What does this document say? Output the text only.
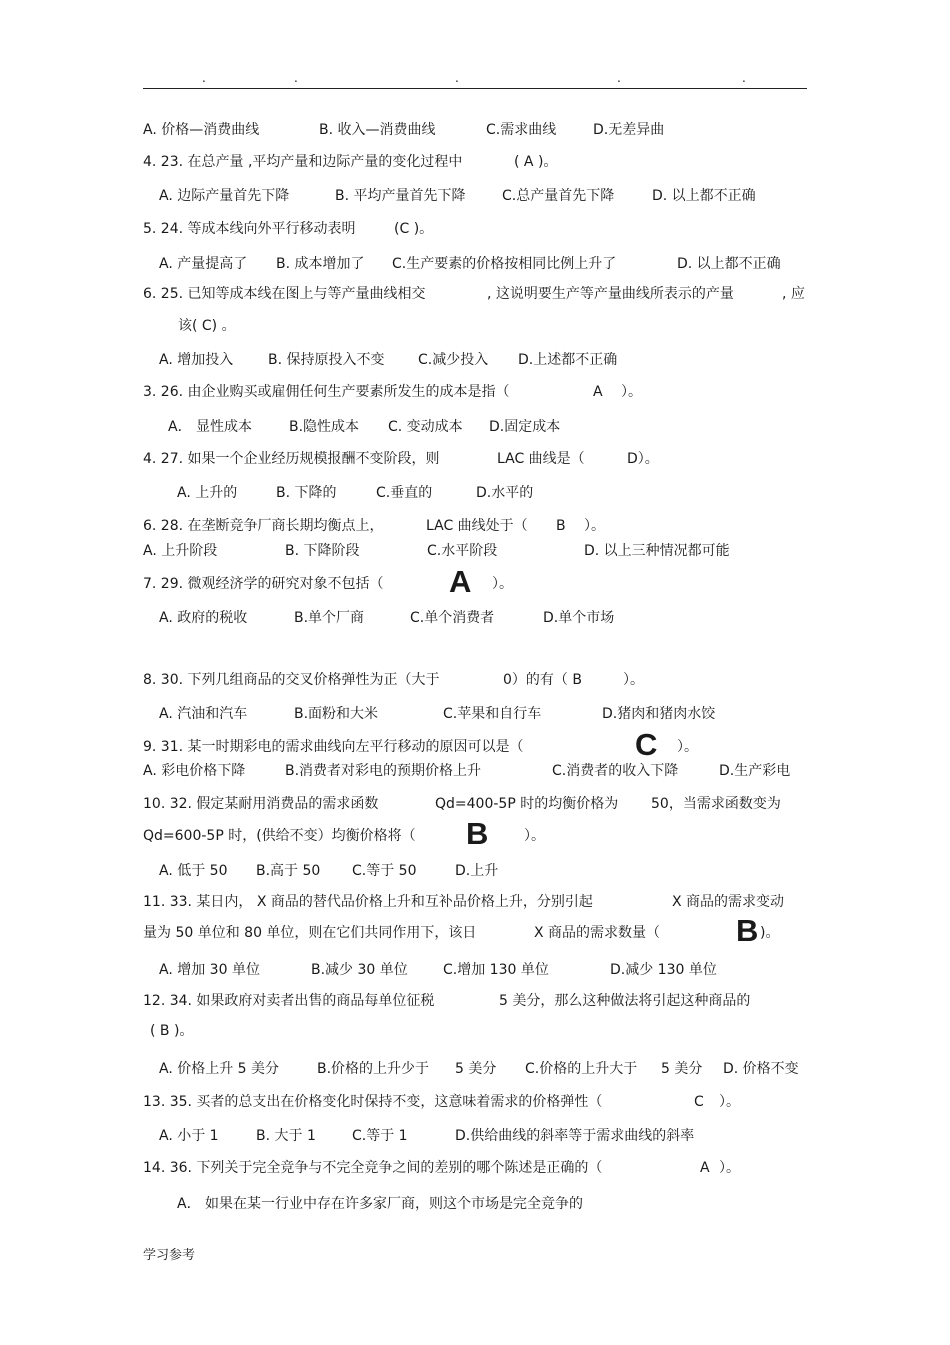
.	.	.	.	.
A. 价格—消费曲线	B. 收入—消费曲线	C.需求曲线	D.无差异曲
4. 23. 在总产量 ,平均产量和边际产量的变化过程中	( A )。
A. 边际产量首先下降	B. 平均产量首先下降	C.总产量首先下降	D. 以上都不正确
5. 24. 等成本线向外平行移动表明	(C )。
A. 产量提高了 B. 成本增加了 C.生产要素的价格按相同比例上升了	D. 以上都不正确
6. 25. 已知等成本线在图上与等产量曲线相交	, 这说明要生产等产量曲线所表示的产量	, 应
该( C) 。
A. 增加投入 B. 保持原投入不变 C.减少投入 D.上述都不正确
3. 26. 由企业购买或雇佣任何生产要素所发生的成本是指（	A ）。
A． 显性成本	B.隐性成本 C. 变动成本 D.固定成本
4. 27. 如果一个企业经历规模报酬不变阶段，则	LAC 曲线是（	D）。
A. 上升的	B. 下降的	C.垂直的	D.水平的
6. 28. 在垄断竞争厂商长期均衡点上，	LAC 曲线处于（ B ）。
A. 上升阶段	B. 下降阶段	C.水平阶段	D. 以上三种情况都可能
7. 29. 微观经济学的研究对象不包括（ A ）。
A. 政府的税收	B.单个厂商	C.单个消费者	D.单个市场
8. 30. 下列几组商品的交叉价格弹性为正（大于	0）的有（ B	）。
A. 汽油和汽车	B.面粉和大米	C.苹果和自行车	D.猪肉和猪肉水饺
9. 31. 某一时期彩电的需求曲线向左平行移动的原因可以是（	C ）。
A. 彩电价格下降	B.消费者对彩电的预期价格上升	C.消费者的收入下降	D.生产彩电
10. 32. 假定某耐用消费品的需求函数	Qd=400-5P 时的均衡价格为 50，当需求函数变为
Qd=600-5P 时，(供给不变）均衡价格将（ B	）。
A. 低于 50 B.高于 50 C.等于 50	D.上升
11. 33. 某日内， X 商品的替代品价格上升和互补品价格上升，分别引起	X 商品的需求变动
量为 50 单位和 80 单位，则在它们共同作用下，该日	X 商品的需求数量（ B )。
A. 增加 30 单位	B.减少 30 单位	C.增加 130 单位	D.减少 130 单位
12. 34. 如果政府对卖者出售的商品每单位征税	5 美分，那么这种做法将引起这种商品的
( B )。
A. 价格上升 5 美分	B.价格的上升少于 5 美分 C.价格的上升大于 5 美分 D. 价格不变
13. 35. 买者的总支出在价格变化时保持不变，这意味着需求的价格弹性（	C ）。
A. 小于 1	B. 大于 1	C.等于 1	D.供给曲线的斜率等于需求曲线的斜率
14. 36. 下列关于完全竞争与不完全竞争之间的差别的哪个陈述是正确的（	A ）。
A． 如果在某一行业中存在许多家厂商，则这个市场是完全竞争的
学习参考
